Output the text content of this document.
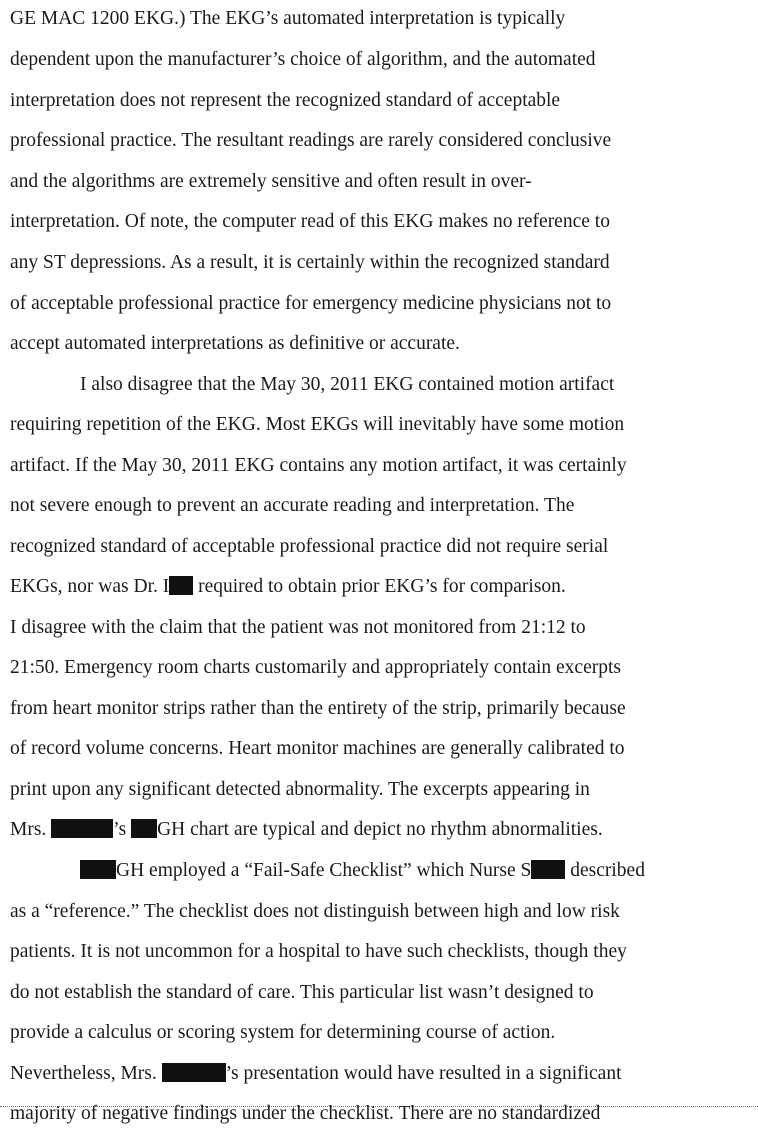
GE MAC 1200 EKG.) The EKG’s automated interpretation is typically
dependent upon the manufacturer’s choice of algorithm, and the automated
interpretation does not represent the recognized standard of acceptable
professional practice. The resultant readings are rarely considered conclusive
and the algorithms are extremely sensitive and often result in over-
interpretation. Of note, the computer read of this EKG makes no reference to
any ST depressions. As a result, it is certainly within the recognized standard
of acceptable professional practice for emergency medicine physicians not to
accept automated interpretations as definitive or accurate.
I also disagree that the May 30, 2011 EKG contained motion artifact
requiring repetition of the EKG. Most EKGs will inevitably have some motion
artifact. If the May 30, 2011 EKG contains any motion artifact, it was certainly
not severe enough to prevent an accurate reading and interpretation. The
recognized standard of acceptable professional practice did not require serial
EKGs, nor was Dr. I required to obtain prior EKG’s for comparison.
I disagree with the claim that the patient was not monitored from 21:12 to
21:50. Emergency room charts customarily and appropriately contain excerpts
from heart monitor strips rather than the entirety of the strip, primarily because
of record volume concerns. Heart monitor machines are generally calibrated to
print upon any significant detected abnormality. The excerpts appearing in
Mrs.	’s GH chart are typical and depict no rhythm abnormalities.
GH employed a “Fail-Safe Checklist” which Nurse S described
as a “reference.” The checklist does not distinguish between high and low risk
patients. It is not uncommon for a hospital to have such checklists, though they
do not establish the standard of care. This particular list wasn’t designed to
provide a calculus or scoring system for determining course of action.
Nevertheless, Mrs.	’s presentation would have resulted in a significant
majority of negative findings under the checklist. There are no standardized
